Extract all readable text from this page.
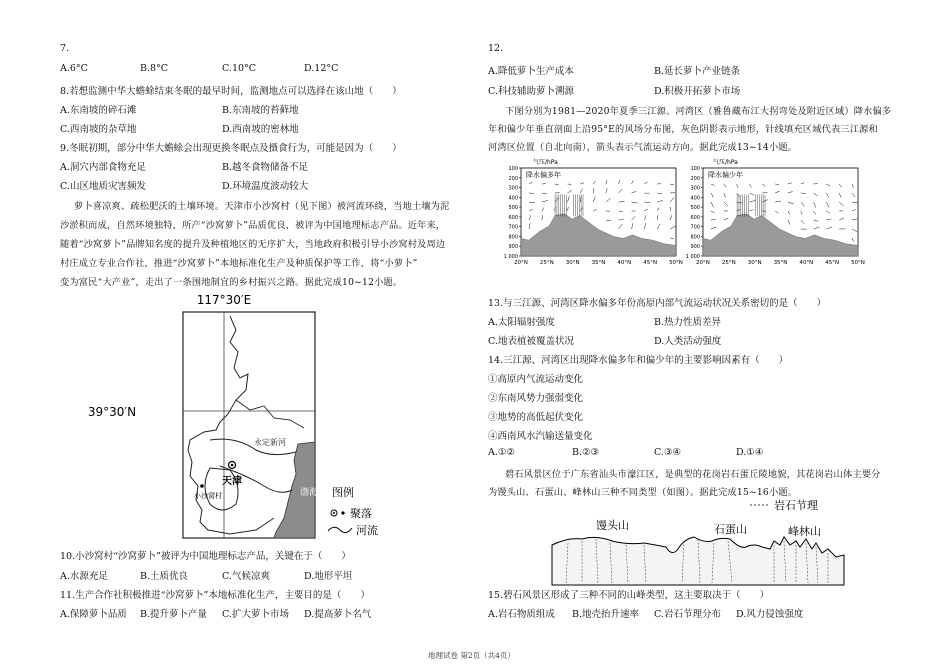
7.
A.6°C	B.8°C	C.10°C	D.12°C
8.若想监测中华大蟾蜍结束冬眠的最早时间，监测地点可以选择在该山地（　　）
A.东南坡的碎石滩	B.东南坡的苔藓地
C.西南坡的杂草地	D.西南坡的密林地
9.冬眠初期，部分中华大蟾蜍会出现更换冬眠点及摄食行为，可能是因为（　　）
A.洞穴内部食物充足	B.越冬食物储备不足
C.山区地质灾害频发	D.环境温度波动较大
萝卜喜凉爽、疏松肥沃的土壤环境。天津市小沙窝村（见下图）被河流环绕，当地土壤为泥
沙淤积而成，自然环境独特，所产“沙窝萝卜”品质优良，被评为中国地理标志产品。近年来，
随着“沙窝萝卜”品牌知名度的提升及种植地区的无序扩大，当地政府积极引导小沙窝村及周边
村庄成立专业合作社，推进“沙窝萝卜”本地标准化生产及种质保护等工作，将“小萝卜”
变为富民“大产业”，走出了一条围地制宜的乡村振兴之路。据此完成10~12小题。
117°30′E
39°30′N
永定新河
天津
小沙窝村	渤海 图例
聚落
河流
10.小沙窝村“沙窝萝卜”被评为中国地理标志产品，关键在于（　　）
A.水源充足	B.土质优良	C.气候凉爽	D.地形平坦
11.生产合作社积极推进“沙窝萝卜”本地标准化生产，主要目的是（　　）
A.保障萝卜品质 B.提升萝卜产量 C.扩大萝卜市场 D.提高萝卜名气
12.
A.降低萝卜生产成本	B.延长萝卜产业链条
C.科技辅助萝卜溯源	D.积极开拓萝卜市场
下图分别为1981—2020年夏季三江源、河湾区（雅鲁藏布江大拐弯处及附近区域）降水偏多
年和偏少年垂直剖面上沿95°E的风场分布图，灰色阴影表示地形，针线填充区域代表三江源和
河湾区位置（自北向南），箭头表示气流运动方向。据此完成13~14小题。
气压/hPa
降水偏多年
100
200
300
400
500
600
700
800
900
1 000
20°N 25°N 30°N 35°N 40°N 45°N 50°N
气压/hPa
降水偏少年
100
200
300
400
500
600
700
800
900
1 000
20°N 25°N 30°N 35°N 40°N 45°N 50°N
13.与三江源、河湾区降水偏多年份高原内部气流运动状况关系密切的是（　　）
A.太阳辐射强度	B.热力性质差异
C.地表植被覆盖状况	D.人类活动强度
14.三江源、河湾区出现降水偏多年和偏少年的主要影响因素有（　　）
①高原内气流运动变化
②东南风势力强弱变化
③地势的高低起伏变化
④西南风水汽输送量变化
A.①②	B.②③	C.③④	D.①④
碧石风景区位于广东省汕头市濠江区，是典型的花岗岩石蛋丘陵地貌，其花岗岩山体主要分
为馒头山、石蛋山、峰林山三种不同类型（如图）。据此完成15~16小题。
岩石节理
馒头山	石蛋山	峰林山
15.碧石风景区形成了三种不同的山峰类型，这主要取决于（　　）
A.岩石物质组成 B.地壳抬升速率 C.岩石节理分布 D.风力侵蚀强度
地理试卷 第2页（共4页）
